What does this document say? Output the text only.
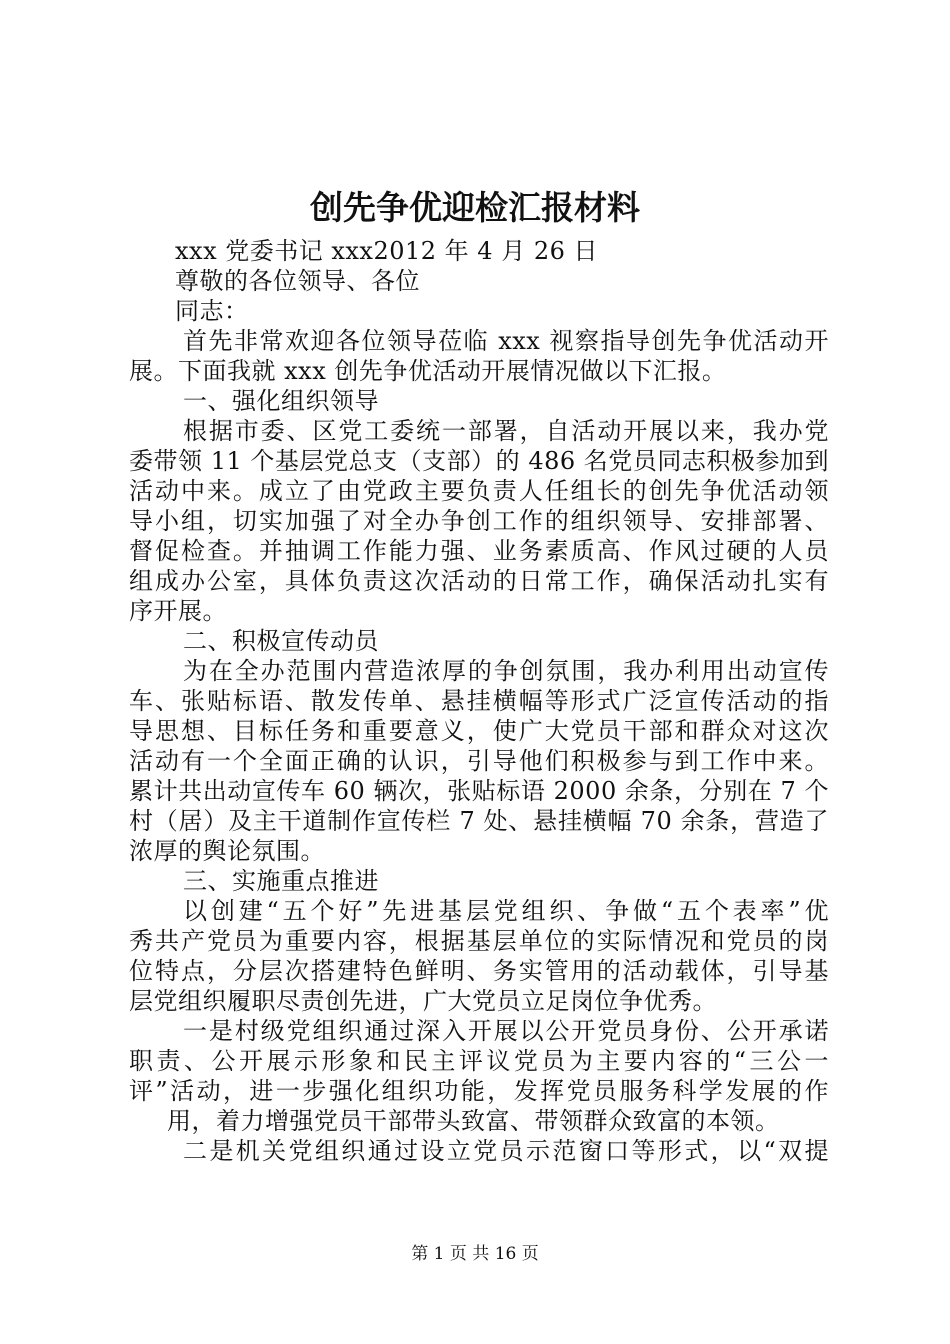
创先争优迎检汇报材料

xxx 党委书记 xxx2012 年 4 月 26 日

尊敬的各位领导、各位

同志：

首先非常欢迎各位领导莅临 xxx 视察指导创先争优活动开

展。下面我就 xxx 创先争优活动开展情况做以下汇报。

一、强化组织领导

根据市委、区党工委统一部署，自活动开展以来，我办党

委带领 11 个基层党总支（支部）的 486 名党员同志积极参加到

活动中来。成立了由党政主要负责人任组长的创先争优活动领

导小组，切实加强了对全办争创工作的组织领导、安排部署、

督促检查。并抽调工作能力强、业务素质高、作风过硬的人员

组成办公室，具体负责这次活动的日常工作，确保活动扎实有

序开展。

二、积极宣传动员

为在全办范围内营造浓厚的争创氛围，我办利用出动宣传

车、张贴标语、散发传单、悬挂横幅等形式广泛宣传活动的指

导思想、目标任务和重要意义，使广大党员干部和群众对这次

活动有一个全面正确的认识，引导他们积极参与到工作中来。

累计共出动宣传车 60 辆次，张贴标语 2000 余条，分别在 7 个

村（居）及主干道制作宣传栏 7 处、悬挂横幅 70 余条，营造了

浓厚的舆论氛围。

三、实施重点推进

以创建“五个好”先进基层党组织、争做“五个表率”优

秀共产党员为重要内容，根据基层单位的实际情况和党员的岗

位特点，分层次搭建特色鲜明、务实管用的活动载体，引导基

层党组织履职尽责创先进，广大党员立足岗位争优秀。

一是村级党组织通过深入开展以公开党员身份、公开承诺

职责、公开展示形象和民主评议党员为主要内容的“三公一

评”活动，进一步强化组织功能，发挥党员服务科学发展的作

用，着力增强党员干部带头致富、带领群众致富的本领。

二是机关党组织通过设立党员示范窗口等形式，以“双提

第 1 页 共 16 页
